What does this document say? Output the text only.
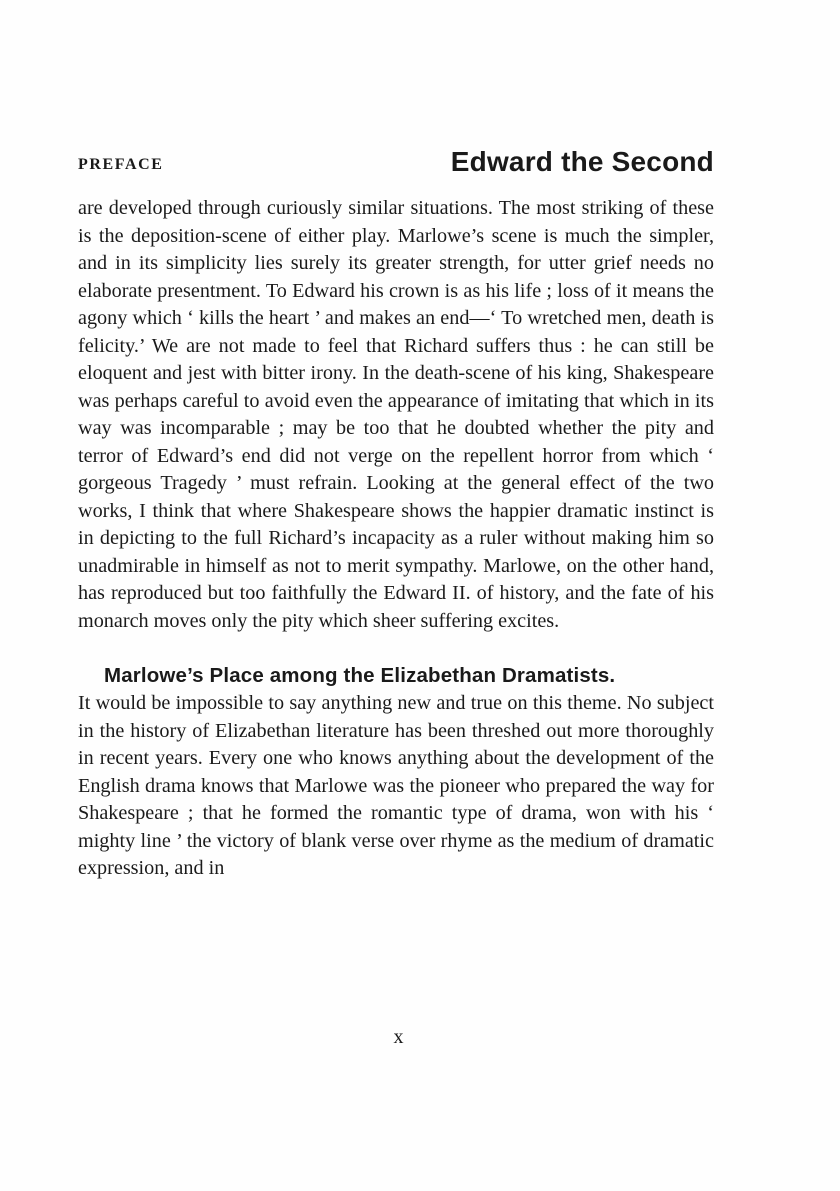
PREFACE	Edward the Second

are developed through curiously similar situations. The most striking of these is the deposition-scene of either play. Marlowe’s scene is much the simpler, and in its simplicity lies surely its greater strength, for utter grief needs no elaborate presentment. To Edward his crown is as his life ; loss of it means the agony which ‘ kills the heart ’ and makes an end—‘ To wretched men, death is felicity.’ We are not made to feel that Richard suffers thus : he can still be eloquent and jest with bitter irony. In the death-scene of his king, Shakespeare was perhaps careful to avoid even the appearance of imitating that which in its way was incomparable ; may be too that he doubted whether the pity and terror of Edward’s end did not verge on the repellent horror from which ‘ gorgeous Tragedy ’ must refrain. Looking at the general effect of the two works, I think that where Shakespeare shows the happier dramatic instinct is in depicting to the full Richard’s incapacity as a ruler without making him so unadmirable in himself as not to merit sympathy. Marlowe, on the other hand, has reproduced but too faithfully the Edward II. of history, and the fate of his monarch moves only the pity which sheer suffering excites.

Marlowe’s Place among the Elizabethan Dramatists.

It would be impossible to say anything new and true on this theme. No subject in the history of Elizabethan literature has been threshed out more thoroughly in recent years. Every one who knows anything about the development of the English drama knows that Marlowe was the pioneer who prepared the way for Shakespeare ; that he formed the romantic type of drama, won with his ‘ mighty line ’ the victory of blank verse over rhyme as the medium of dramatic expression, and in

x
